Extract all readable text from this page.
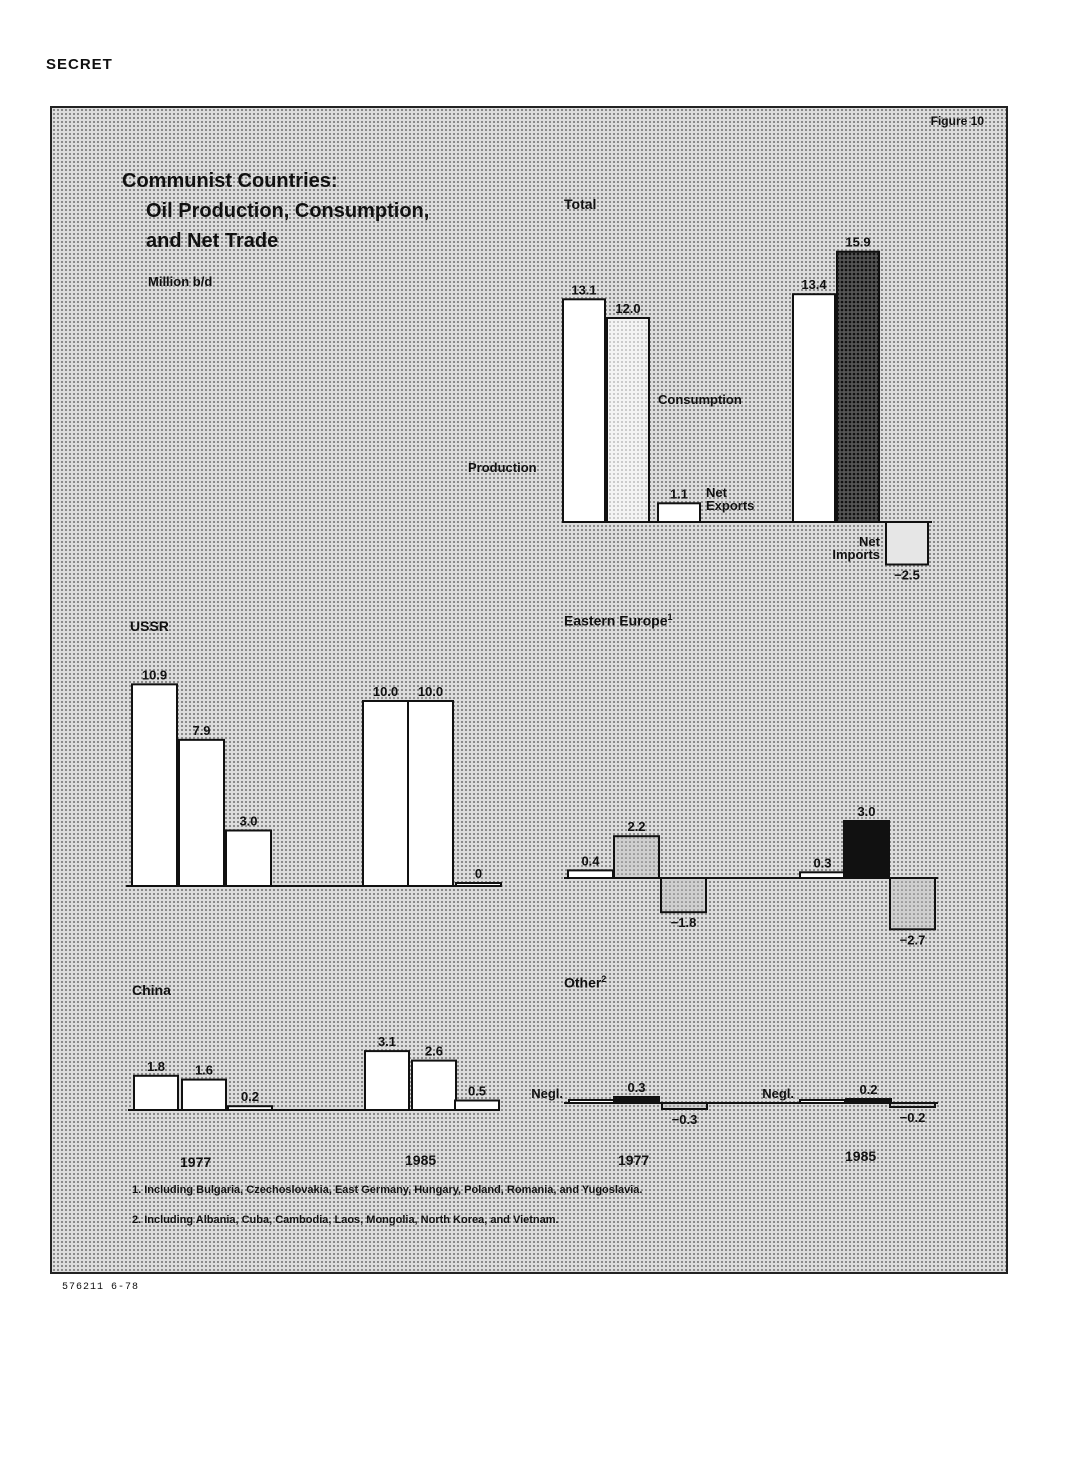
SECRET
Figure 10
Communist Countries:
Oil Production, Consumption,
and Net Trade
Million b/d
Total
USSR	Eastern Europe$^1$
China	Other$^2$
1977	1985	1977	1985
1. Including Bulgaria, Czechoslovakia, East Germany, Hungary, Poland, Romania, and Yugoslavia.
2. Including Albania, Cuba, Cambodia, Laos, Mongolia, North Korea, and Vietnam.
13.1	13.4
12.0
15.9
1.1
−2.5
10.9
10.0
7.9
10.0
3.0
0
0.4	0.3
2.2
3.0
−1.8
−2.7
1.8
3.1
1.6
2.6
0.2	0.5	Negl.	Negl.
0.3	0.2
−0.3	−0.2
Production
Consumption
Net
Exports
Net
Imports
576211 6-78
